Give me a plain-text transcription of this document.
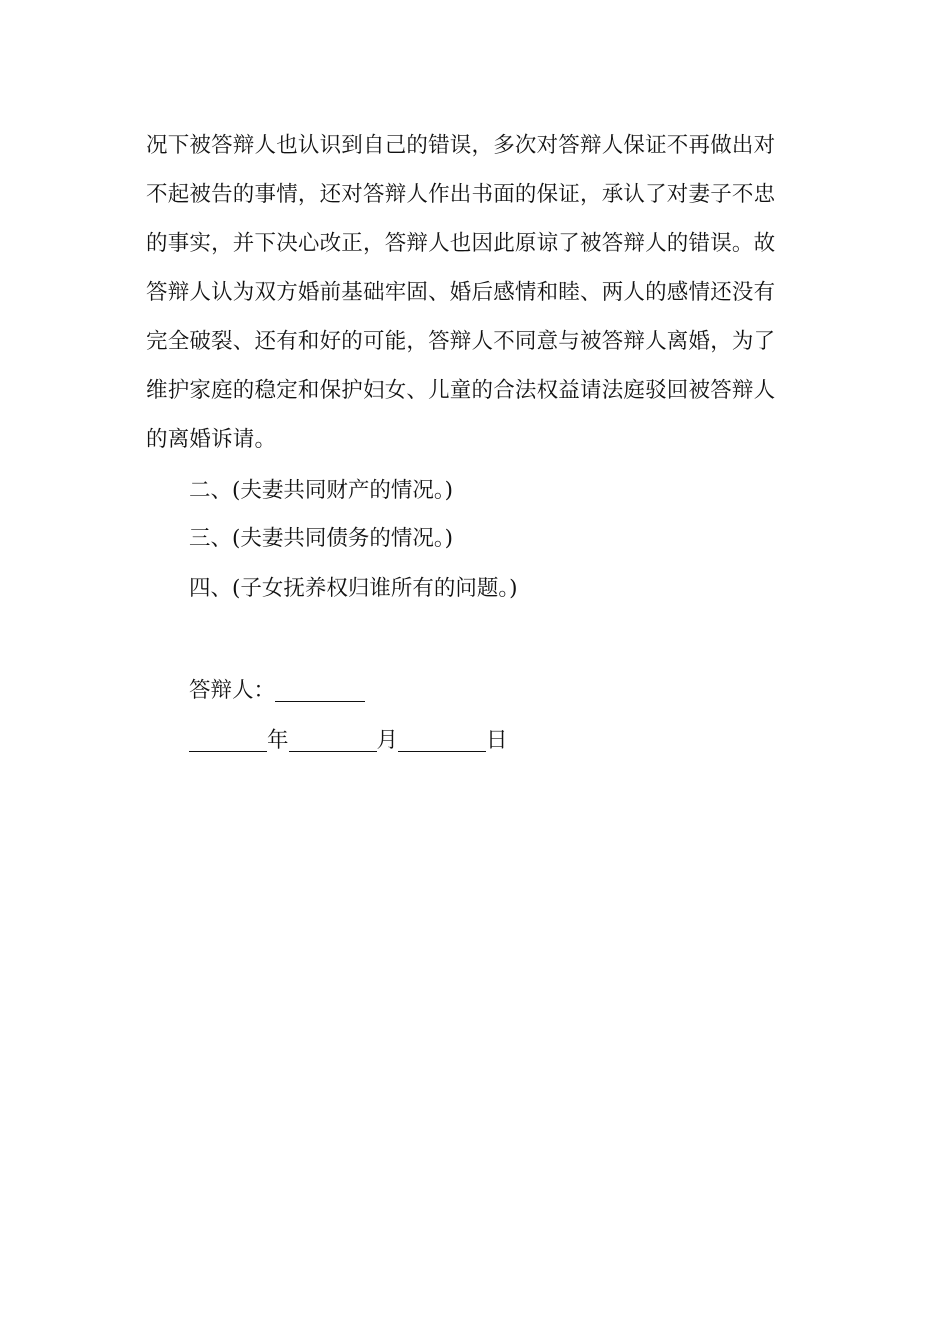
况下被答辩人也认识到自己的错误，多次对答辩人保证不再做出对
不起被告的事情，还对答辩人作出书面的保证，承认了对妻子不忠
的事实，并下决心改正，答辩人也因此原谅了被答辩人的错误。故
答辩人认为双方婚前基础牢固、婚后感情和睦、两人的感情还没有
完全破裂、还有和好的可能，答辩人不同意与被答辩人离婚，为了
维护家庭的稳定和保护妇女、儿童的合法权益请法庭驳回被答辩人
的离婚诉请。
二、(夫妻共同财产的情况。)
三、(夫妻共同债务的情况。)
四、(子女抚养权归谁所有的问题。)
答辩人：
年	月	日
